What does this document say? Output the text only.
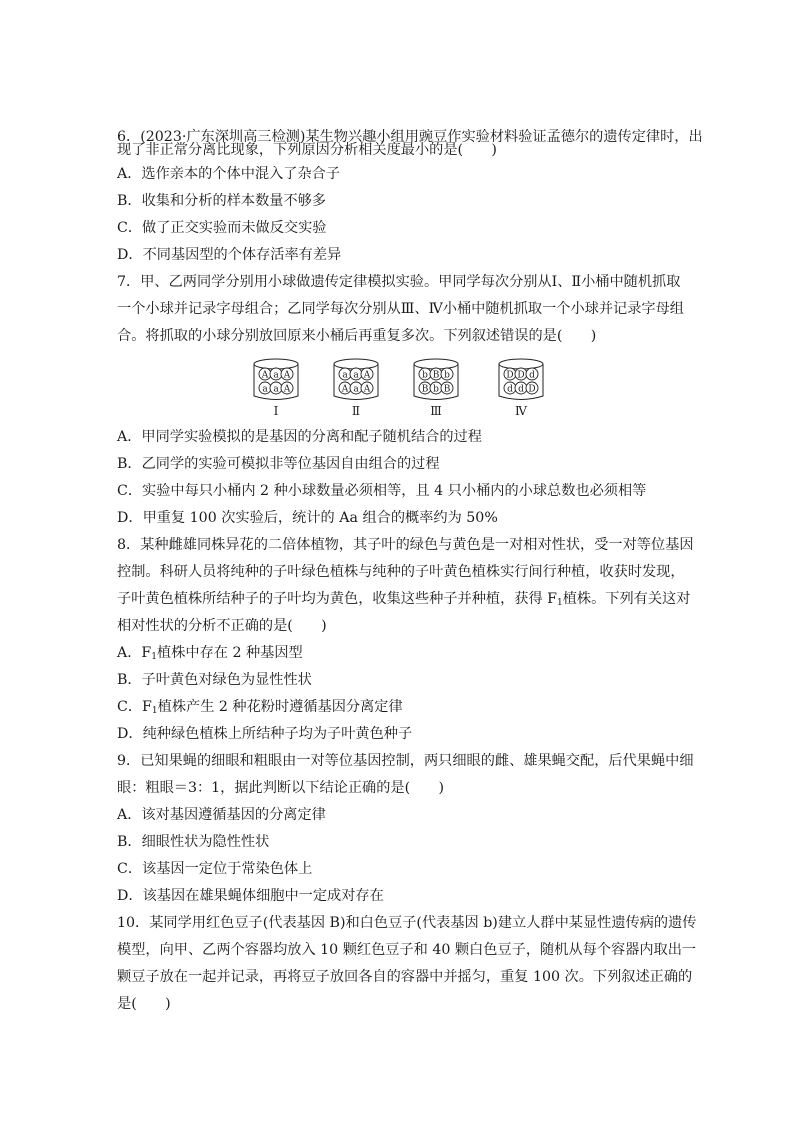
6．(2023·广东深圳高三检测)某生物兴趣小组用豌豆作实验材料验证孟德尔的遗传定律时，出
现了非正常分离比现象，下列原因分析相关度最小的是(　　)
A．选作亲本的个体中混入了杂合子
B．收集和分析的样本数量不够多
C．做了正交实验而未做反交实验
D．不同基因型的个体存活率有差异
7．甲、乙两同学分别用小球做遗传定律模拟实验。甲同学每次分别从Ⅰ、Ⅱ小桶中随机抓取
一个小球并记录字母组合；乙同学每次分别从Ⅲ、Ⅳ小桶中随机抓取一个小球并记录字母组
合。将抓取的小球分别放回原来小桶后再重复多次。下列叙述错误的是(　　)
A a A
a a A
Ⅰ
a a A
A a A
Ⅱ
b B b
B b B
Ⅲ
D D d
d d D
Ⅳ
A．甲同学实验模拟的是基因的分离和配子随机结合的过程
B．乙同学的实验可模拟非等位基因自由组合的过程
C．实验中每只小桶内 2 种小球数量必须相等，且 4 只小桶内的小球总数也必须相等
D．甲重复 100 次实验后，统计的 Aa 组合的概率约为 50%
8．某种雌雄同株异花的二倍体植物，其子叶的绿色与黄色是一对相对性状，受一对等位基因
控制。科研人员将纯种的子叶绿色植株与纯种的子叶黄色植株实行间行种植，收获时发现，
子叶黄色植株所结种子的子叶均为黄色，收集这些种子并种植，获得 $F_1$植株。下列有关这对
相对性状的分析不正确的是(　　)
A．$F_1$植株中存在 2 种基因型
B．子叶黄色对绿色为显性性状
C．$F_1$植株产生 2 种花粉时遵循基因分离定律
D．纯种绿色植株上所结种子均为子叶黄色种子
9．已知果蝇的细眼和粗眼由一对等位基因控制，两只细眼的雌、雄果蝇交配，后代果蝇中细
眼：粗眼＝3：1，据此判断以下结论正确的是(　　)
A．该对基因遵循基因的分离定律
B．细眼性状为隐性性状
C．该基因一定位于常染色体上
D．该基因在雄果蝇体细胞中一定成对存在
10．某同学用红色豆子(代表基因 B)和白色豆子(代表基因 b)建立人群中某显性遗传病的遗传
模型，向甲、乙两个容器均放入 10 颗红色豆子和 40 颗白色豆子，随机从每个容器内取出一
颗豆子放在一起并记录，再将豆子放回各自的容器中并摇匀，重复 100 次。下列叙述正确的
是(　　)
